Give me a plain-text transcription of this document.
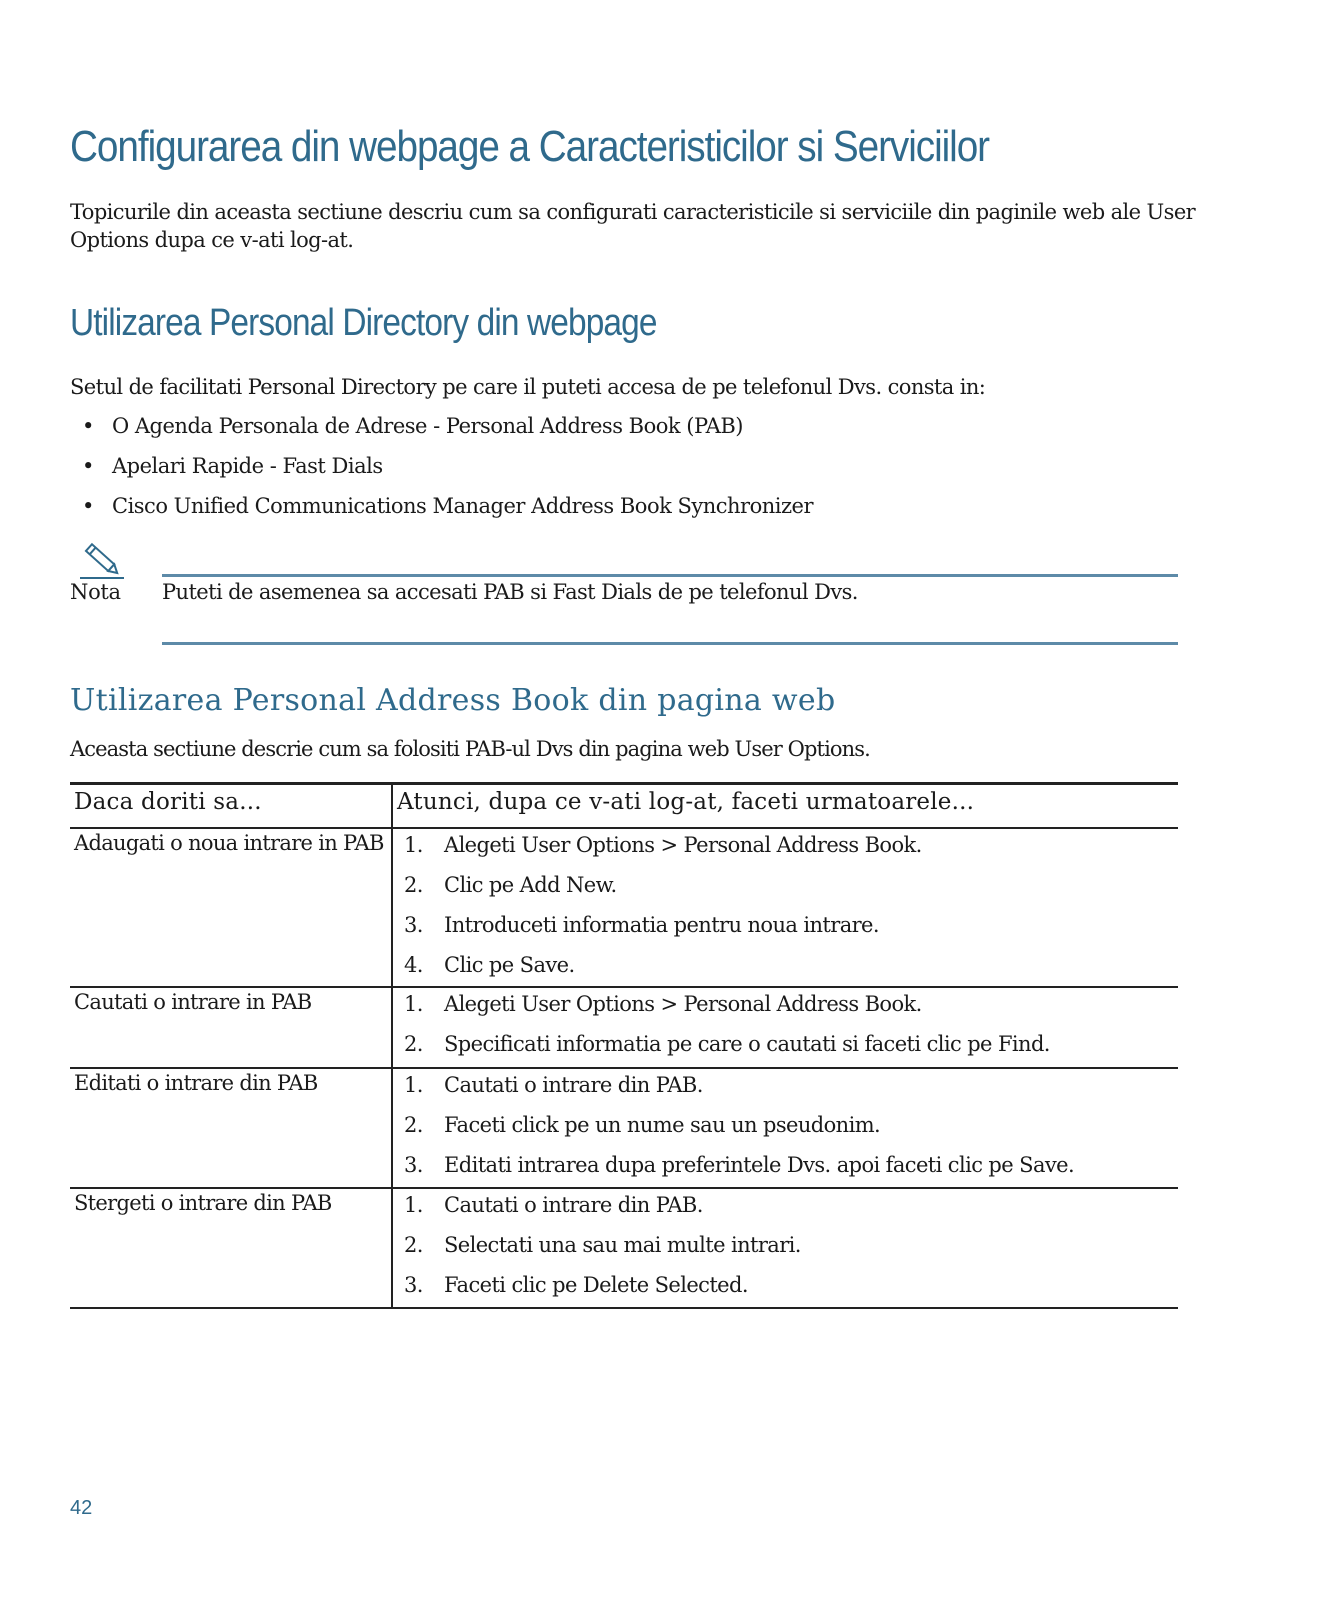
Configurarea din webpage a Caracteristicilor si Serviciilor

Topicurile din aceasta sectiune descriu cum sa configurati caracteristicile si serviciile din paginile web ale User Options dupa ce v-ati log-at.

Utilizarea Personal Directory din webpage

Setul de facilitati Personal Directory pe care il puteti accesa de pe telefonul Dvs. consta in:

• O Agenda Personala de Adrese - Personal Address Book (PAB)
• Apelari Rapide - Fast Dials
• Cisco Unified Communications Manager Address Book Synchronizer
Nota Puteti de asemenea sa accesati PAB si Fast Dials de pe telefonul Dvs.
Utilizarea Personal Address Book din pagina web

Aceasta sectiune descrie cum sa folositi PAB-ul Dvs din pagina web User Options.

Daca doriti sa...	Atunci, dupa ce v-ati log-at, faceti urmatoarele...
Adaugati o noua intrare in PAB 1. Alegeti User Options > Personal Address Book.
2. Clic pe Add New.
3. Introduceti informatia pentru noua intrare.
4. Clic pe Save.
Cautati o intrare in PAB	1. Alegeti User Options > Personal Address Book.
2. Specificati informatia pe care o cautati si faceti clic pe Find.
Editati o intrare din PAB	1. Cautati o intrare din PAB.
2. Faceti click pe un nume sau un pseudonim.
3. Editati intrarea dupa preferintele Dvs. apoi faceti clic pe Save.
Stergeti o intrare din PAB	1. Cautati o intrare din PAB.
2. Selectati una sau mai multe intrari.
3. Faceti clic pe Delete Selected.
42
